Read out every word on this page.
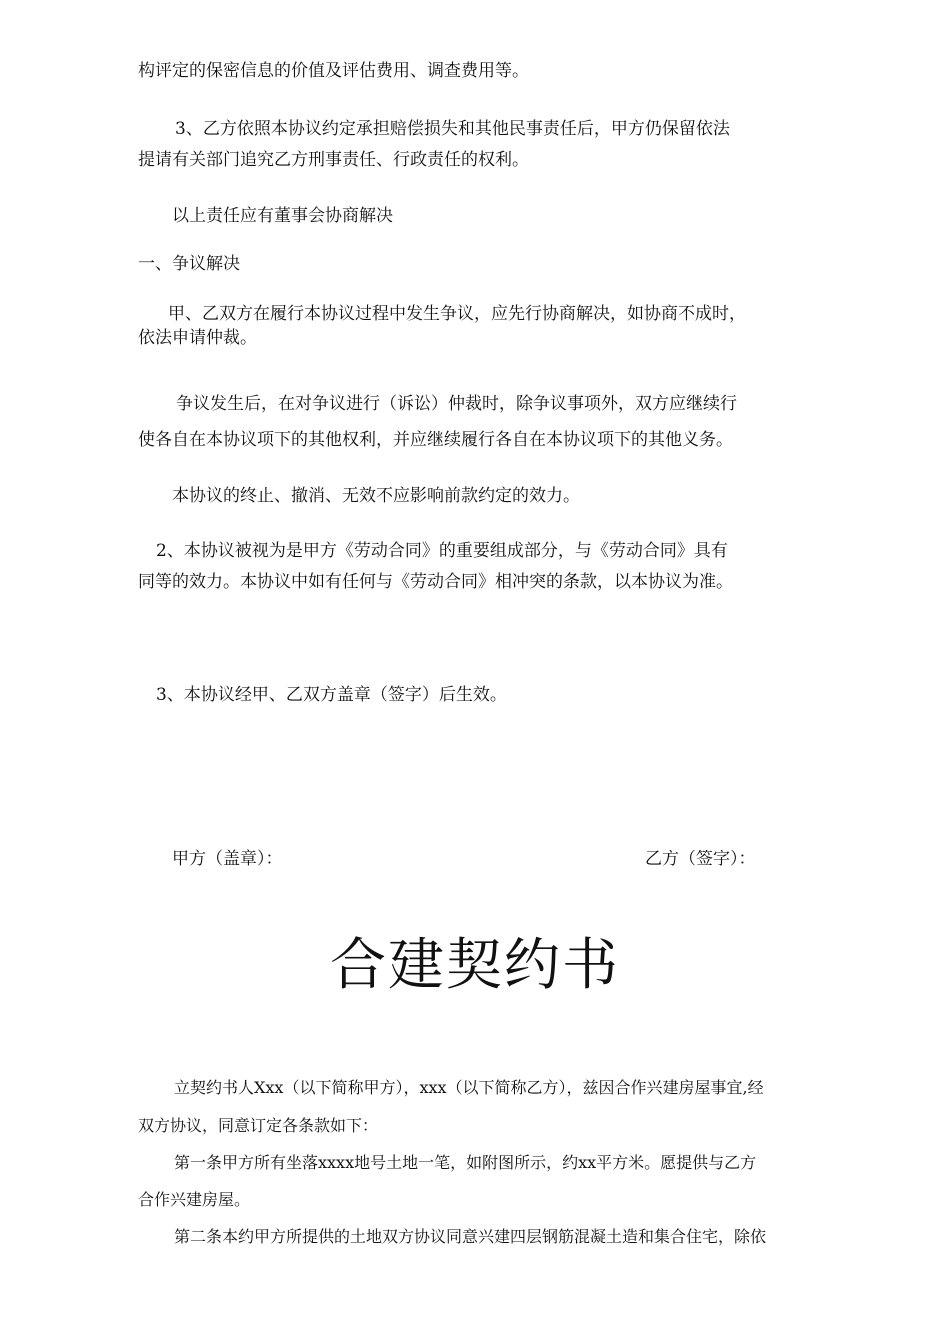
构评定的保密信息的价值及评估费用、调查费用等。

3、乙方依照本协议约定承担赔偿损失和其他民事责任后，甲方仍保留依法

提请有关部门追究乙方刑事责任、行政责任的权利。

以上责任应有董事会协商解决

一、争议解决

甲、乙双方在履行本协议过程中发生争议，应先行协商解决，如协商不成时，

依法申请仲裁。

争议发生后，在对争议进行（诉讼）仲裁时，除争议事项外，双方应继续行

使各自在本协议项下的其他权利，并应继续履行各自在本协议项下的其他义务。

本协议的终止、撤消、无效不应影响前款约定的效力。

2、本协议被视为是甲方《劳动合同》的重要组成部分，与《劳动合同》具有

同等的效力。本协议中如有任何与《劳动合同》相冲突的条款，以本协议为准。

3、本协议经甲、乙双方盖章（签字）后生效。

甲方（盖章）：	乙方（签字）：
合建契约书

立契约书人Xxx（以下简称甲方），xxx（以下简称乙方），兹因合作兴建房屋事宜,经

双方协议，同意订定各条款如下：

第一条甲方所有坐落xxxx地号土地一笔，如附图所示，约xx平方米。愿提供与乙方

合作兴建房屋。

第二条本约甲方所提供的土地双方协议同意兴建四层钢筋混凝土造和集合住宅，除依
